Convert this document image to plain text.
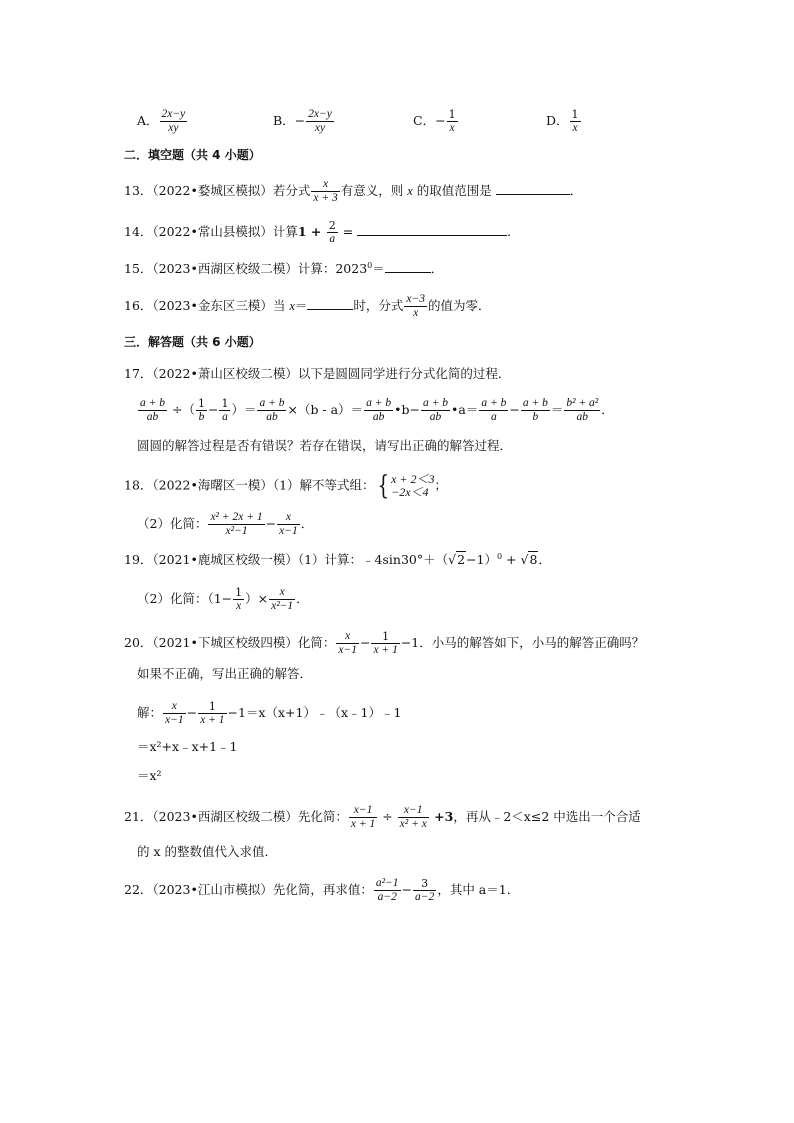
A． $\frac{2x-y}{xy}$	B．− $\frac{2x-y}{xy}$	C．− $\frac{1}{x}$	D． $\frac{1}{x}$
二．填空题（共 4 小题）
13．（2022•婺城区模拟）若分式 $\frac{x}{x + 3}$ 有意义，则 x 的取值范围是	．
14．（2022•常山县模拟）计算$1 + \frac{2}{a}$ =	．
15．（2023•西湖区校级二模）计算：$2023^0=$	．
16．（2023•金东区三模）当 x＝	时，分式 $\frac{x-3}{x}$ 的值为零．
三．解答题（共 6 小题）
17．（2022•萧山区校级二模）以下是圆圆同学进行分式化简的过程．
$\frac{a + b}{ab}$ ÷（ $\frac{1}{b} - \frac{1}{a}$ ）＝ $\frac{a + b}{ab} \times(b - a)= \frac{a + b}{ab}$ •b− $\frac{a + b}{ab}$ •a＝ $\frac{a + b}{a} - \frac{a + b}{b} = \frac{\text{b² + a²}}{ab}$ ．
圆圆的解答过程是否有错误？若存在错误，请写出正确的解答过程．
18．（2022•海曙区一模）（1）解不等式组：{ x + 2＜3
−2x＜4 ；
（2）化简： $\frac{\text{x² + 2x + 1}}{\text{x²−1}} - \frac{x}{x-1}$ ．
19．（2021•鹿城区校级一模）（1）计算：$﹣4\sin 30^\circ+(√2-1)^0 + √8$．
（2）化简：（$1- \frac{1}{x}$ ）× $\frac{x}{\text{x²−1}}$ ．
20．（2021•下城区校级四模）化简： $\frac{x}{x-1} - \frac{1}{x + 1} -1$．小马的解答如下，小马的解答正确吗？
如果不正确，写出正确的解答．
解： $\frac{x}{x-1} - \frac{1}{x + 1}$ −1＝x（x+1）﹣（x﹣1）﹣1
＝x²+x﹣x+1﹣1
＝x²
21．（2023•西湖区校级二模）先化简： $\frac{x-1}{x + 1} \div \frac{x-1}{\text{x² + x}} +3$，再从﹣2＜x≤2 中选出一个合适
的 x 的整数值代入求值．
22．（2023•江山市模拟）先化简，再求值： $\frac{\text{a²−1}}{a-2} - \frac{3}{a-2}$ ，其中 a＝1．
